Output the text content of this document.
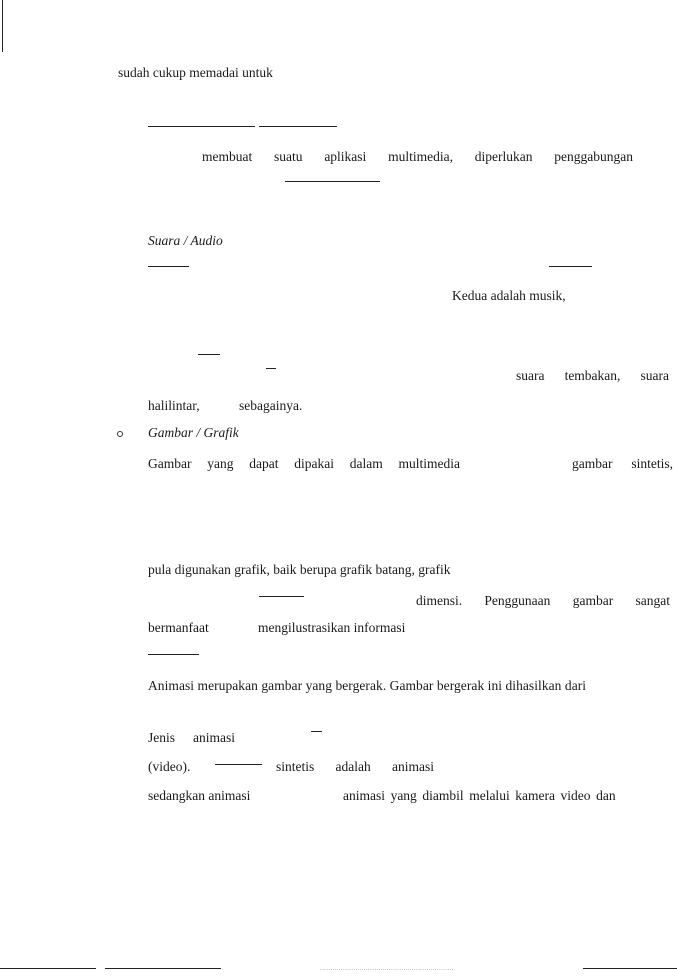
sudah cukup memadai untuk
membuat suatu aplikasi multimedia, diperlukan penggabungan
Suara / Audio
Kedua adalah musik,
suara tembakan, suara
halilintar,	sebagainya.
Gambar / Grafik
Gambar yang dapat dipakai dalam multimedia	gambar sintetis,
pula digunakan grafik, baik berupa grafik batang, grafik
dimensi. Penggunaan gambar sangat
bermanfaat	mengilustrasikan informasi
Animasi merupakan gambar yang bergerak. Gambar bergerak ini dihasilkan dari
Jenis animasi
(video).	sintetis adalah animasi
sedangkan animasi	animasi yang diambil melalui kamera video dan
................................................................
